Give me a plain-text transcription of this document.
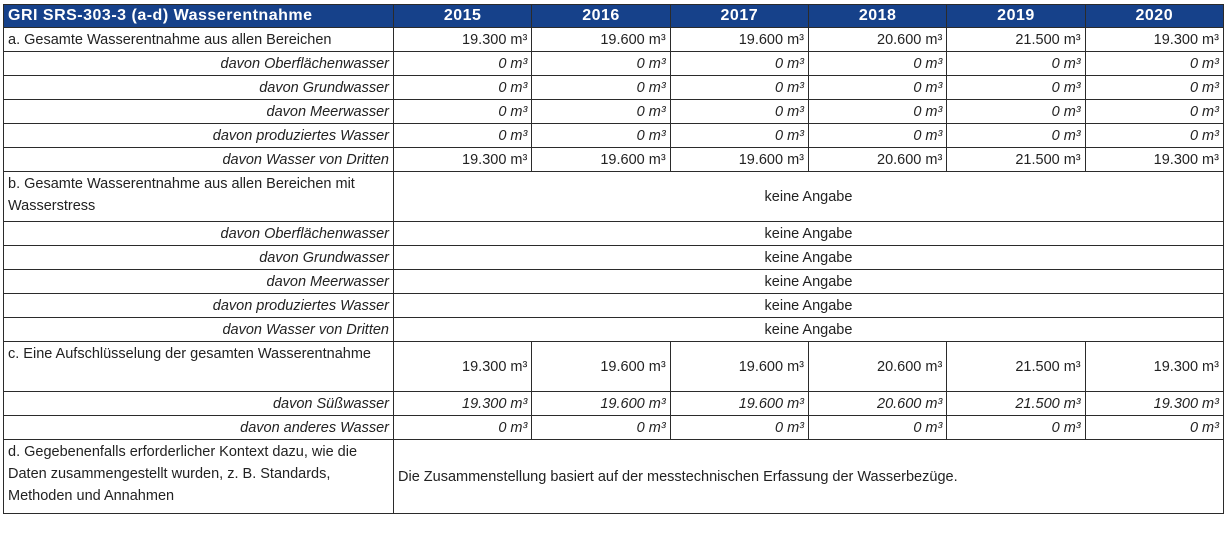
GRI SRS-303-3 (a-d) Wasserentnahme	2015	2016	2017	2018	2019	2020
a. Gesamte Wasserentnahme aus allen Bereichen	19.300 m³	19.600 m³	19.600 m³	20.600 m³	21.500 m³	19.300 m³
davon Oberflächenwasser	0 m³	0 m³	0 m³	0 m³	0 m³	0 m³
davon Grundwasser	0 m³	0 m³	0 m³	0 m³	0 m³	0 m³
davon Meerwasser	0 m³	0 m³	0 m³	0 m³	0 m³	0 m³
davon produziertes Wasser	0 m³	0 m³	0 m³	0 m³	0 m³	0 m³
davon Wasser von Dritten	19.300 m³	19.600 m³	19.600 m³	20.600 m³	21.500 m³	19.300 m³
b. Gesamte Wasserentnahme aus allen Bereichen mit Wasserstress	keine Angabe					
davon Oberflächenwasser	keine Angabe					
davon Grundwasser	keine Angabe					
davon Meerwasser	keine Angabe					
davon produziertes Wasser	keine Angabe					
davon Wasser von Dritten	keine Angabe					
c. Eine Aufschlüsselung der gesamten Wasserentnahme	19.300 m³	19.600 m³	19.600 m³	20.600 m³	21.500 m³	19.300 m³
davon Süßwasser	19.300 m³	19.600 m³	19.600 m³	20.600 m³	21.500 m³	19.300 m³
davon anderes Wasser	0 m³	0 m³	0 m³	0 m³	0 m³	0 m³
d. Gegebenenfalls erforderlicher Kontext dazu, wie die Daten zusammengestellt wurden, z. B. Standards, Methoden und Annahmen	Die Zusammenstellung basiert auf der messtechnischen Erfassung der Wasserbezüge.					
